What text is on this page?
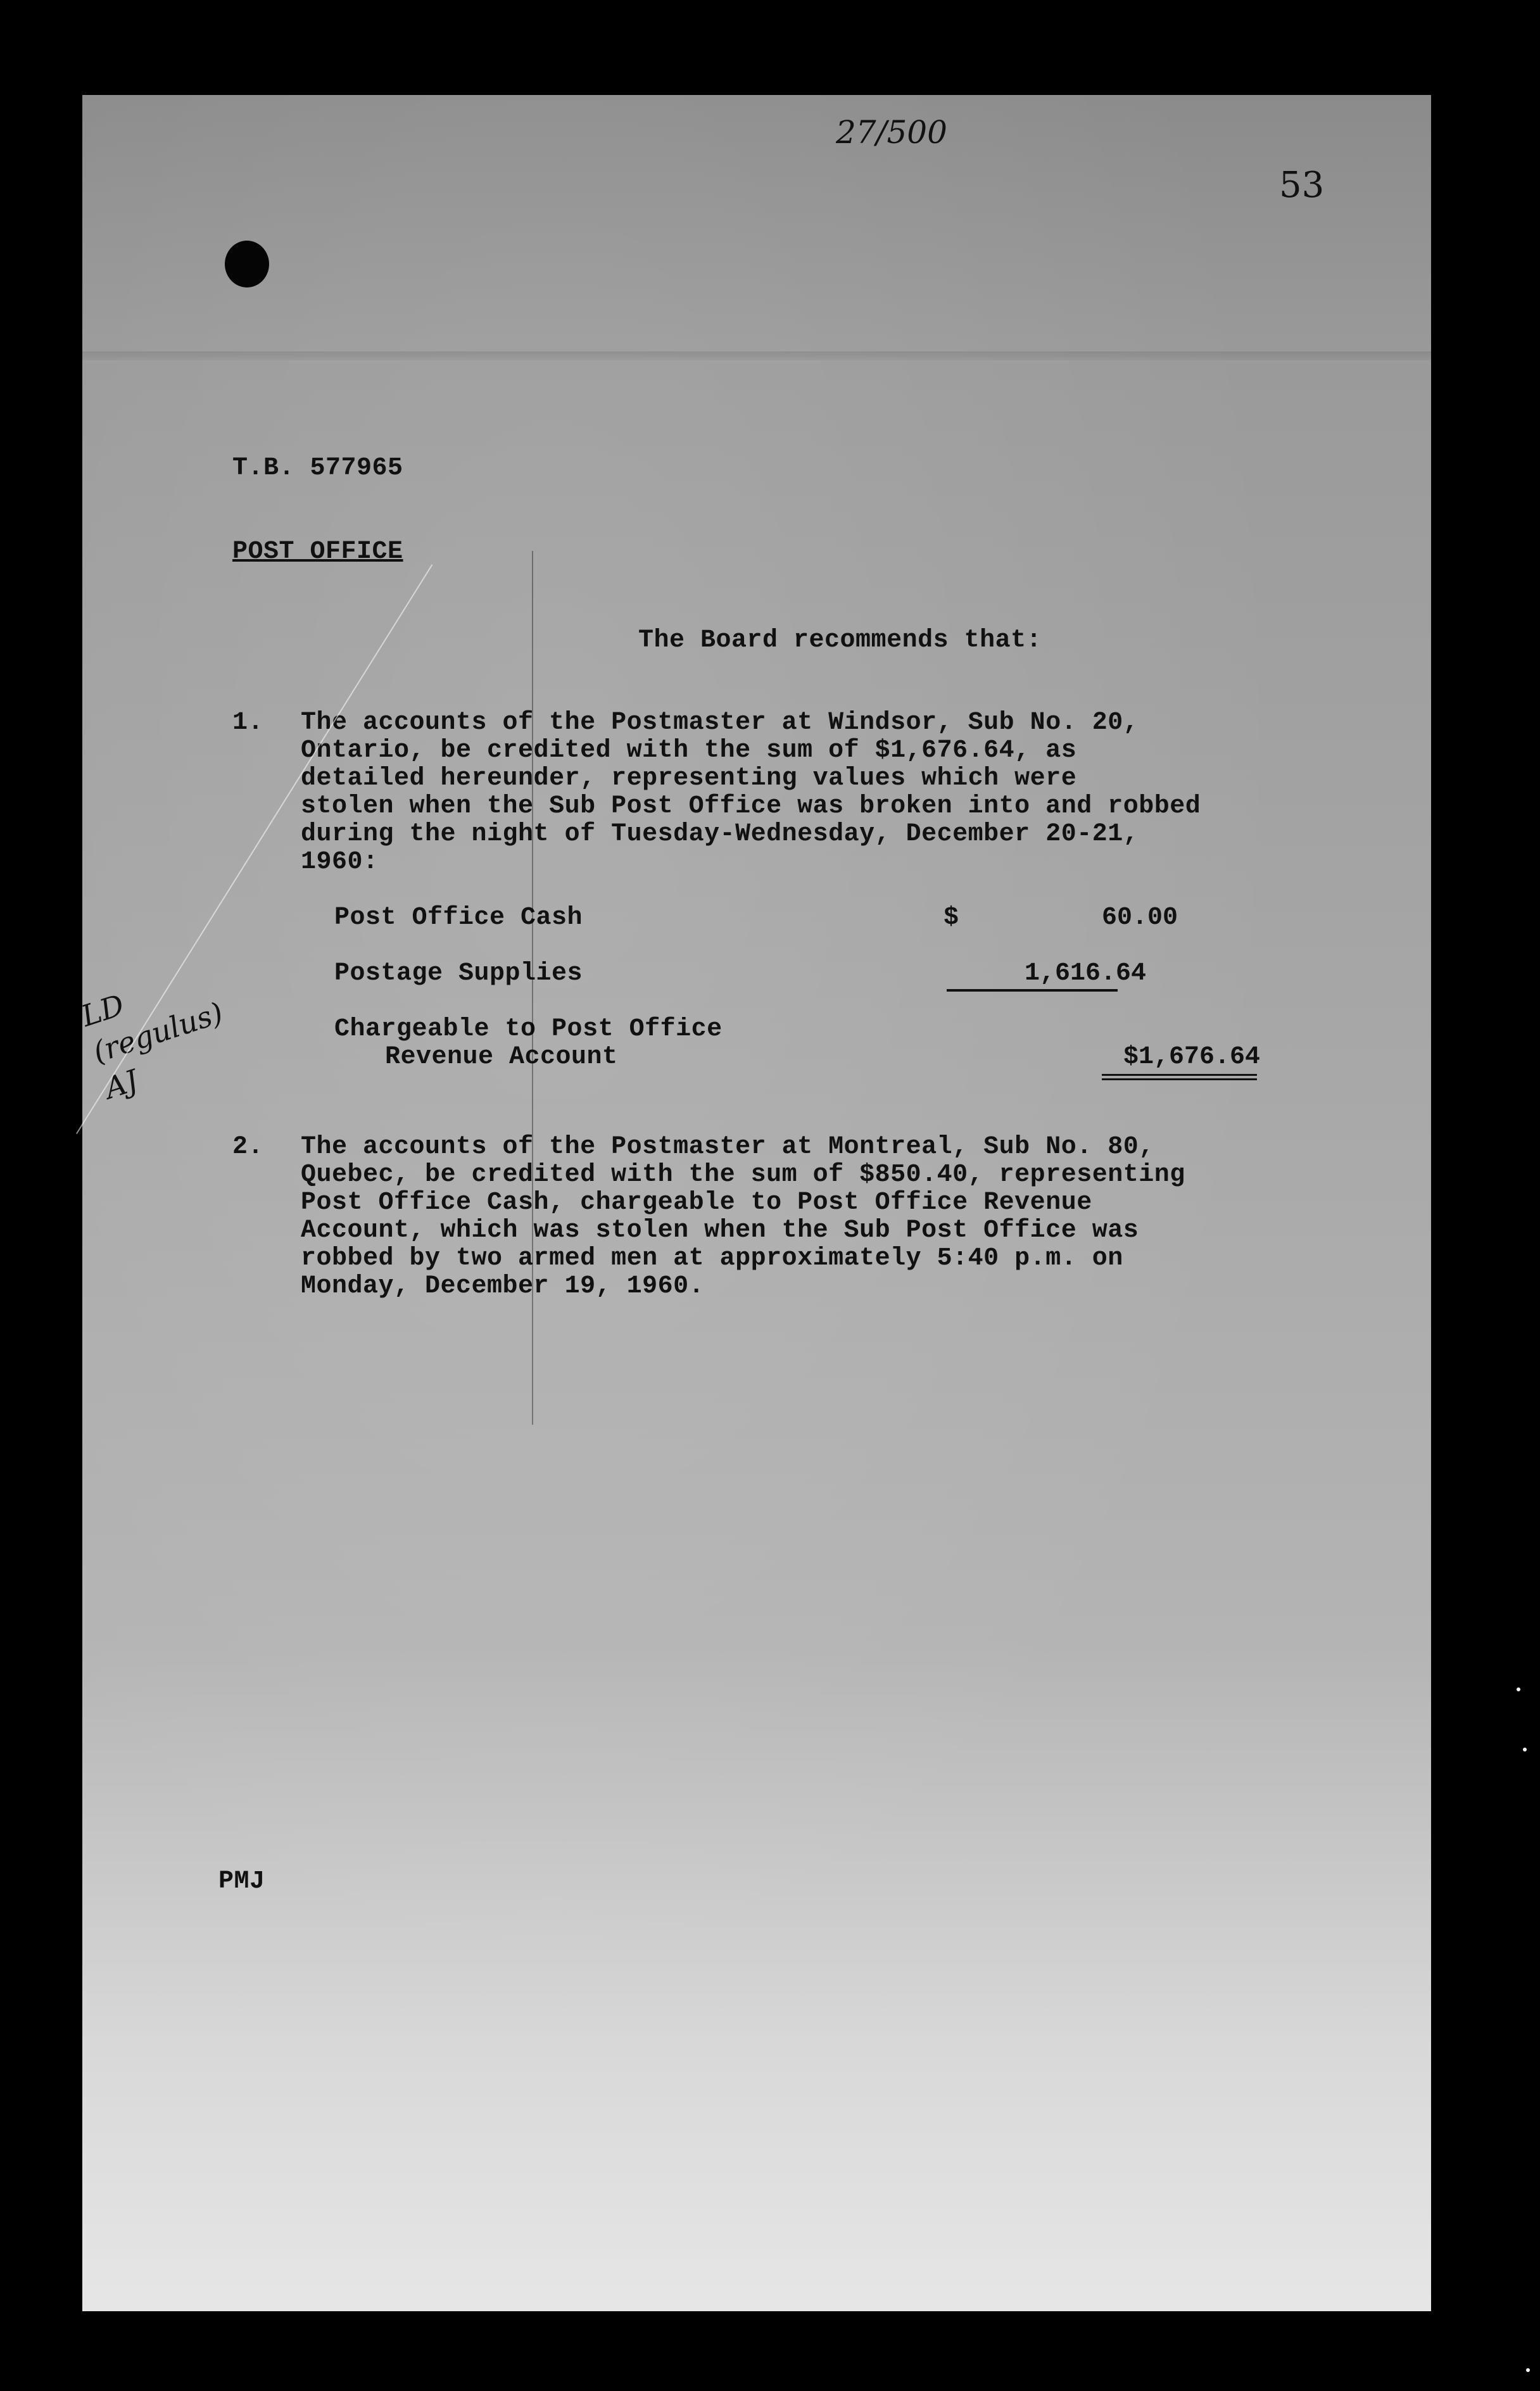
27/500
53
T.B. 577965
POST OFFICE
The Board recommends that:
1. The accounts of the Postmaster at Windsor, Sub No. 20,
Ontario, be credited with the sum of $1,676.64, as
detailed hereunder, representing values which were
stolen when the Sub Post Office was broken into and robbed
during the night of Tuesday-Wednesday, December 20-21,
1960:
Post Office Cash	$	60.00
Postage Supplies	1,616.64
Chargeable to Post Office
Revenue Account	$1,676.64
LD (regulus) AJ
2. The accounts of the Postmaster at Montreal, Sub No. 80,
Quebec, be credited with the sum of $850.40, representing
Post Office Cash, chargeable to Post Office Revenue
Account, which was stolen when the Sub Post Office was
robbed by two armed men at approximately 5:40 p.m. on
Monday, December 19, 1960.
PMJ
